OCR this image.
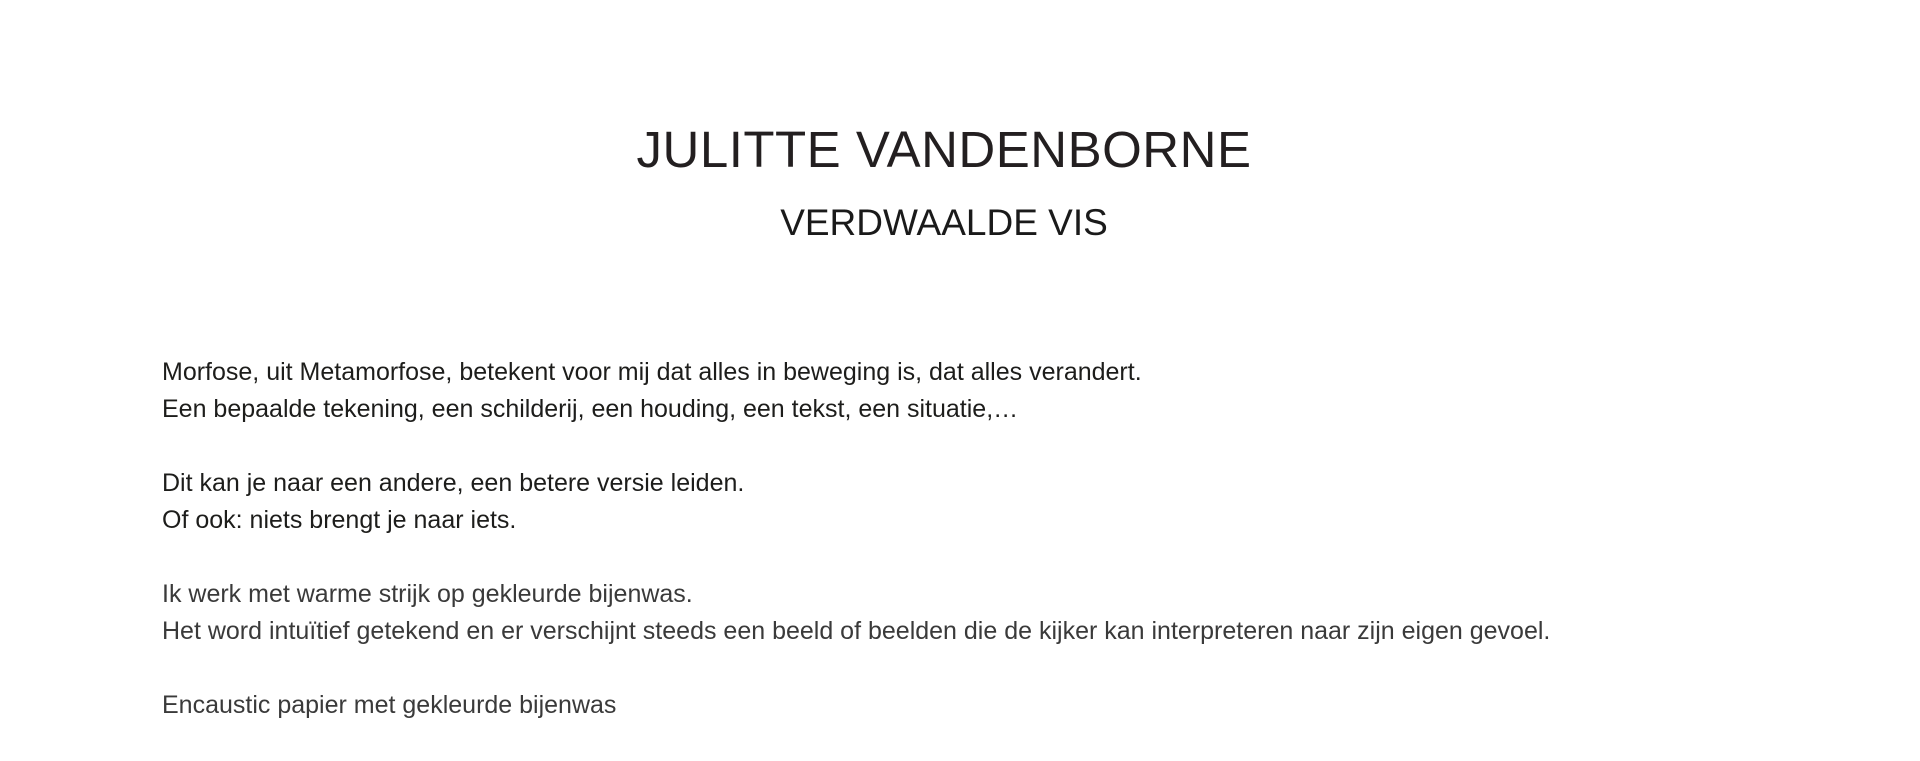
JULITTE VANDENBORNE
VERDWAALDE VIS

Morfose, uit Metamorfose, betekent voor mij dat alles in beweging is, dat alles verandert.
Een bepaalde tekening, een schilderij, een houding, een tekst, een situatie,…

Dit kan je naar een andere, een betere versie leiden.
Of ook: niets brengt je naar iets.

Ik werk met warme strijk op gekleurde bijenwas.
Het word intuïtief getekend en er verschijnt steeds een beeld of beelden die de kijker kan interpreteren naar zijn eigen gevoel.

Encaustic papier met gekleurde bijenwas
